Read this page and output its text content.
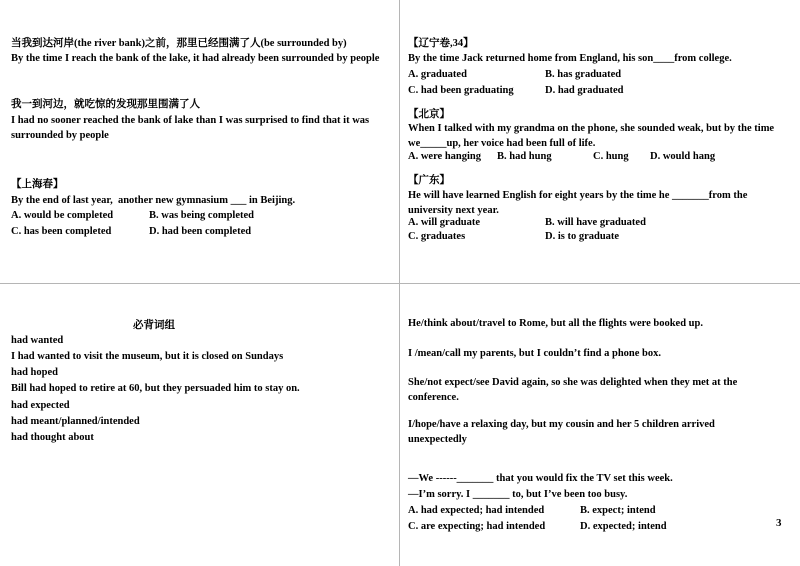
当我到达河岸(the river bank)之前，那里已经围满了人(be surrounded by)

By the time I reach the bank of the lake, it had already been surrounded by people

我一到河边，就吃惊的发现那里围满了人

I had no sooner reached the bank of lake than I was surprised to find that it was surrounded by people

【上海春】

By the end of last year,  another new gymnasium ___ in Beijing.

A. would be completed	B. was being completed
C. has been completed	D. had been completed

【辽宁卷,34】

By the time Jack returned home from England, his son____from college.

A. graduated	B. has graduated
C. had been graduating	D. had graduated

【北京】

When I talked with my grandma on the phone, she sounded weak, but by the time we_____up, her voice had been full of life.

A. were hanging B. had hung	C. hung D. would hang

【广东】

He will have learned English for eight years by the time he _______from the university next year.

A. will graduate	B. will have graduated
C. graduates	D. is to graduate

必背词组

had wanted

I had wanted to visit the museum, but it is closed on Sundays

had hoped

Bill had hoped to retire at 60, but they persuaded him to stay on.

had expected

had meant/planned/intended

had thought about

He/think about/travel to Rome, but all the flights were booked up.

I /mean/call my parents, but I couldn’t find a phone box.

She/not expect/see David again, so she was delighted when they met at the conference.

I/hope/have a relaxing day, but my cousin and her 5 children arrived unexpectedly

—We ------_______ that you would fix the TV set this week.

—I’m sorry. I _______ to, but I’ve been too busy.

A. had expected; had intended	B. expect; intend
C. are expecting; had intended	D. expected; intend	3
